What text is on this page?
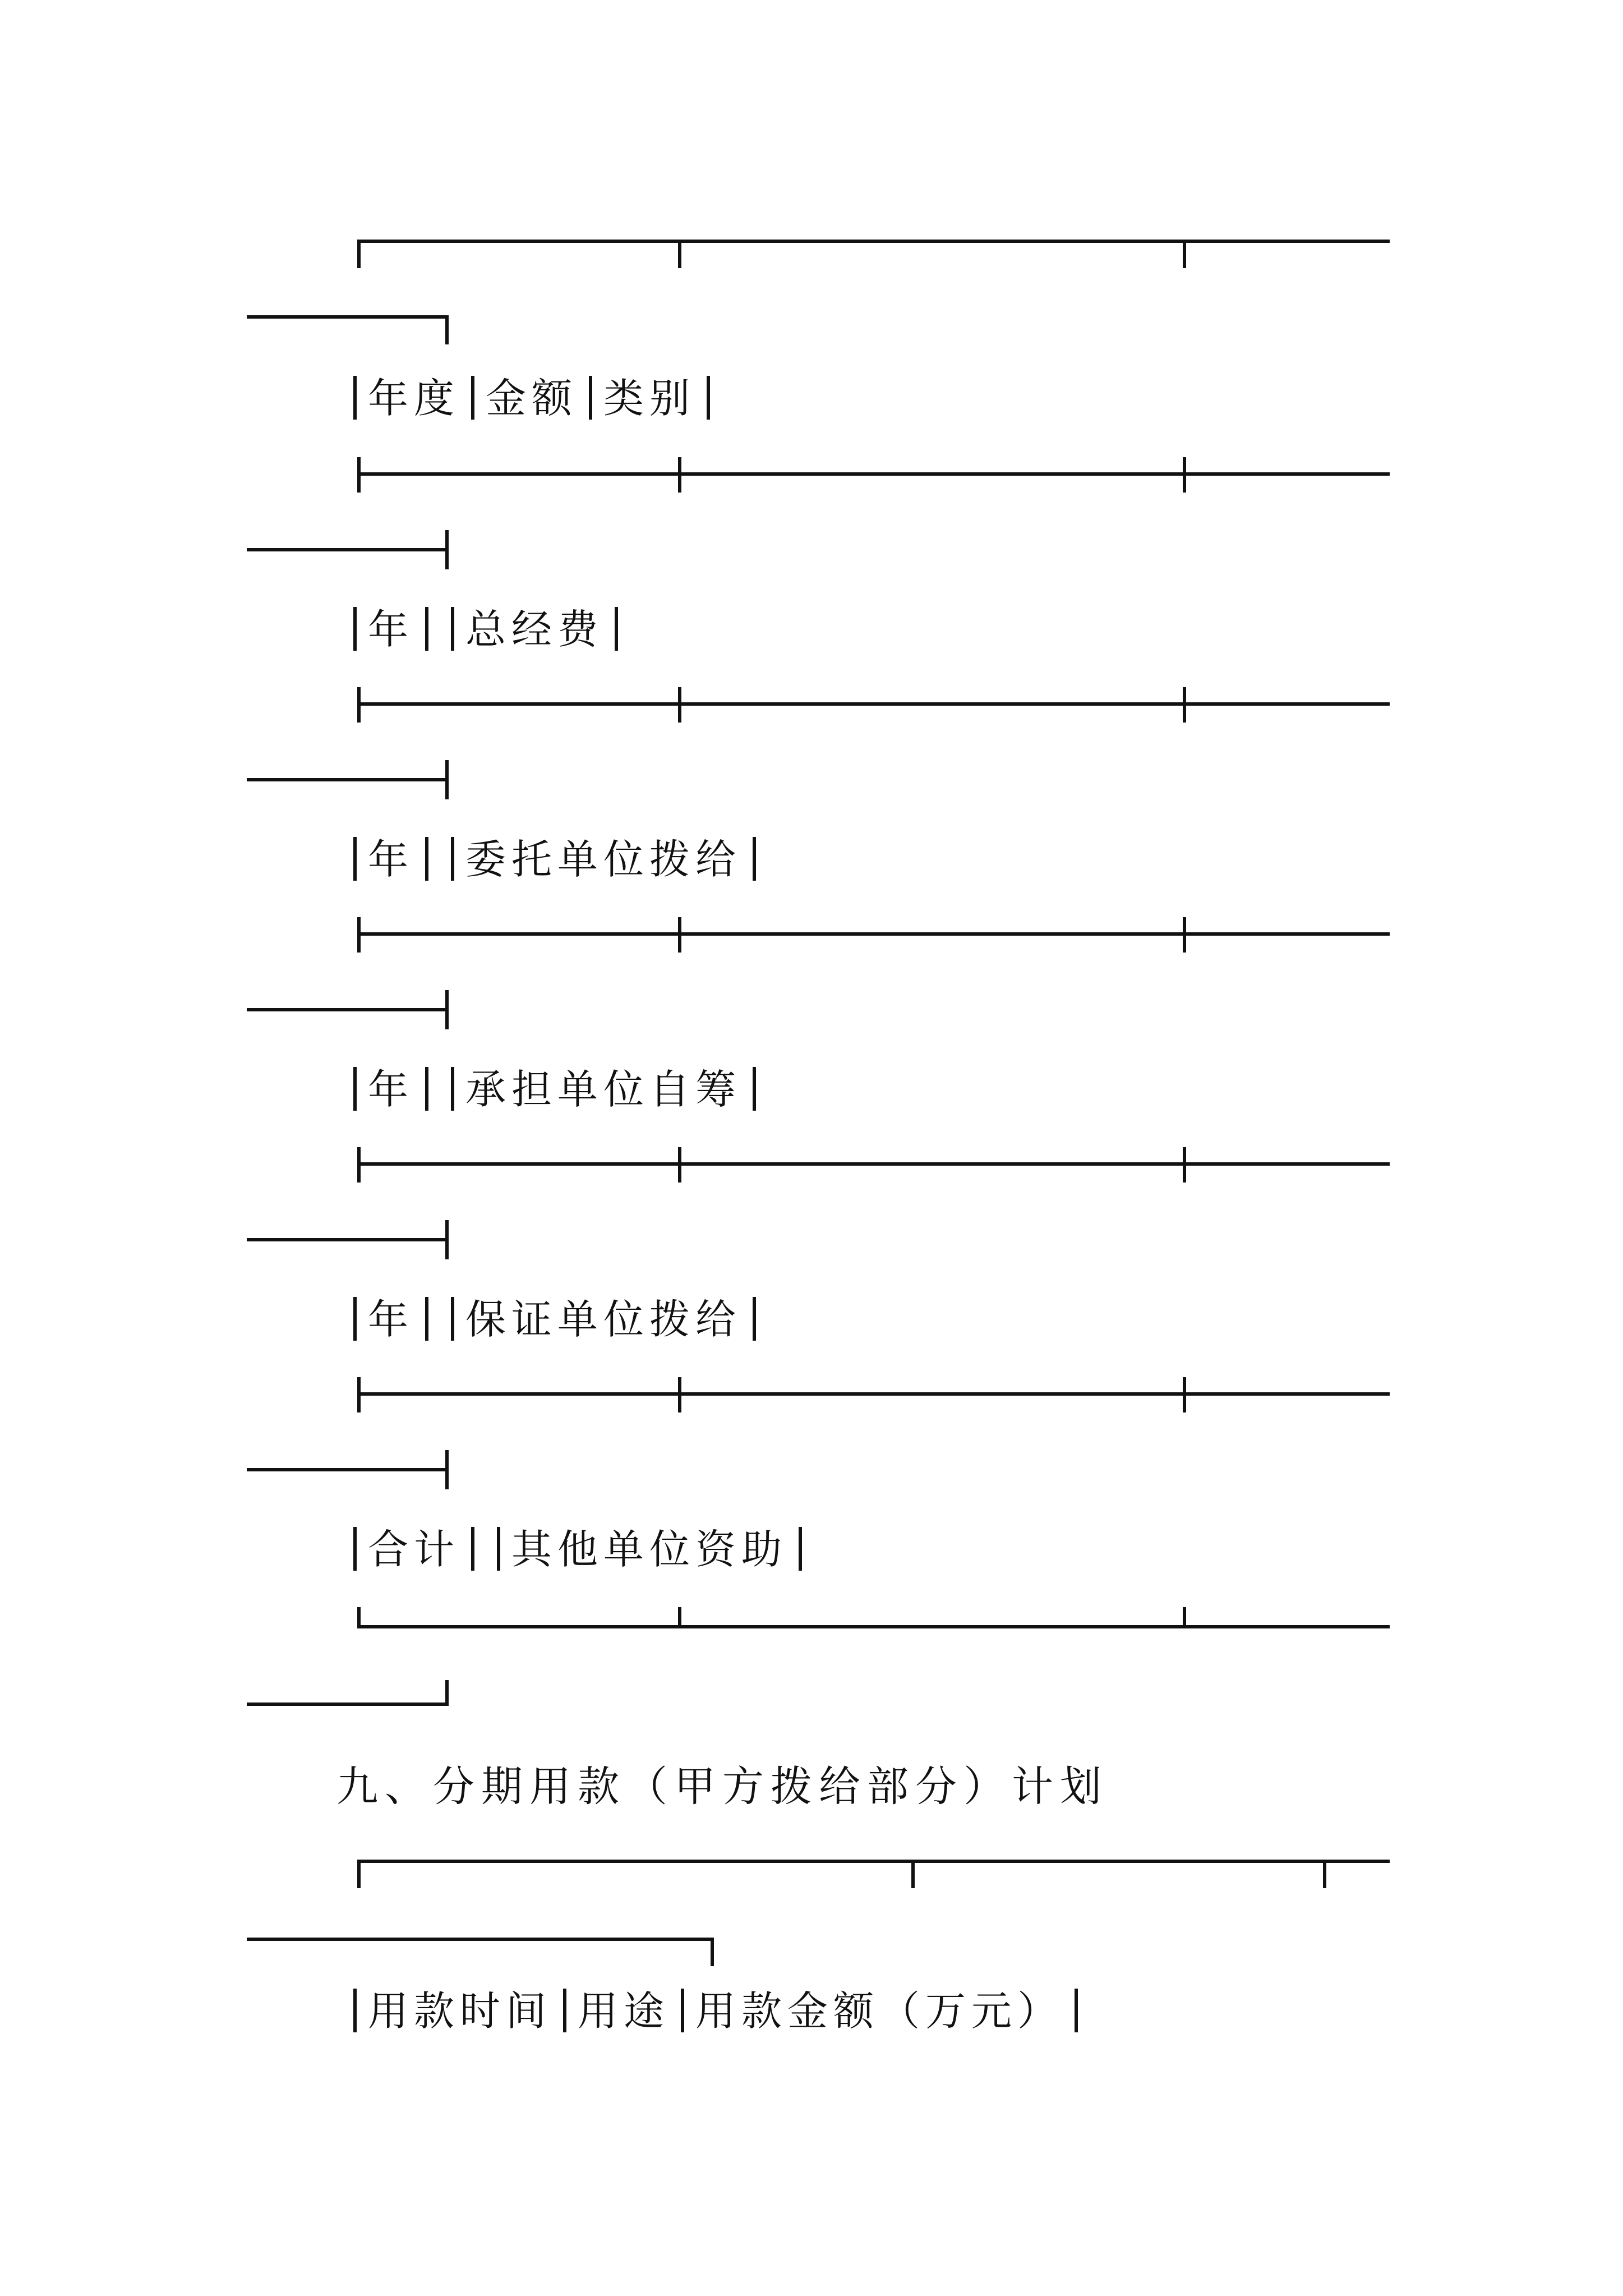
年度 金额 类别
年 总经费
年 委托单位拨给
年 承担单位自筹
年 保证单位拨给
合计 其他单位资助
九、分期用款（甲方拨给部分）计划
用款时间 用途 用款金额（万元）
